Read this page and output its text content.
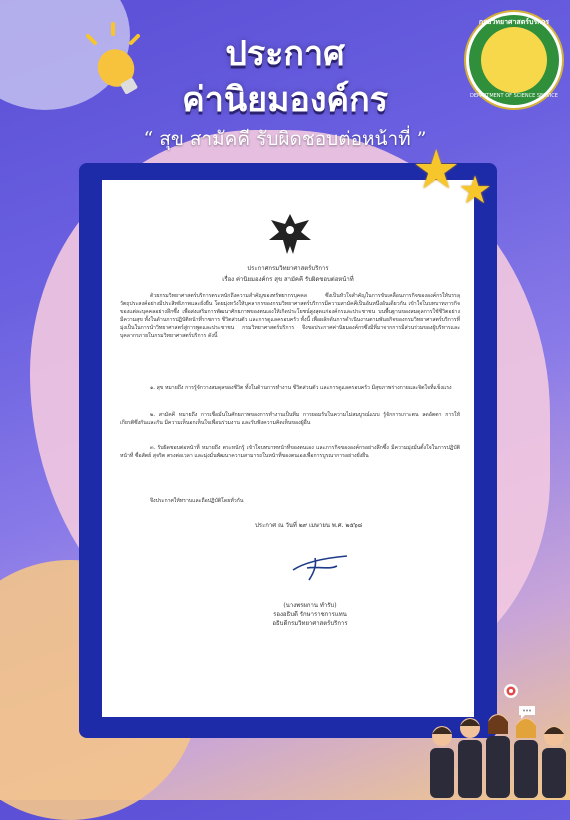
กรมวิทยาศาสตร์บริการ
DEPARTMENT OF SCIENCE SERVICE
ประกาศ
ค่านิยมองค์กร
“ สุข สามัคคี รับผิดชอบต่อหน้าที่ ”
★
★
ประกาศกรมวิทยาศาสตร์บริการ
เรื่อง ค่านิยมองค์กร สุข สามัคคี รับผิดชอบต่อหน้าที่
ด้วยกรมวิทยาศาสตร์บริการตระหนักถึงความสำคัญของทรัพยากรบุคคล ซึ่งเป็นหัวใจสำคัญในการขับเคลื่อนภารกิจขององค์กรให้บรรลุวัตถุประสงค์อย่างมีประสิทธิภาพและยั่งยืน โดยมุ่งหวังให้บุคลากรของกรมวิทยาศาสตร์บริการมีความสามัคคีเป็นอันหนึ่งอันเดียวกัน เข้าใจในบทบาทภารกิจของแต่ละบุคคลอย่างลึกซึ้ง เพื่อส่งเสริมการพัฒนาศักยภาพของตนเองให้เกิดประโยชน์สูงสุดแก่องค์กรและประชาชน บนพื้นฐานของสมดุลการใช้ชีวิตอย่างมีความสุข ทั้งในด้านการปฏิบัติหน้าที่ราชการ ชีวิตส่วนตัว และการดูแลครอบครัว ทั้งนี้ เพื่อผลักดันการดำเนินงานตามพันธกิจของกรมวิทยาศาสตร์บริการที่มุ่งเป็นในการนำวิทยาศาสตร์สู่การพูดและประชาชน กรมวิทยาศาสตร์บริการ จึงขอประกาศค่านิยมองค์กรซึ่งมีที่มาจากการมีส่วนร่วมของผู้บริหารและบุคลากรภายในกรมวิทยาศาสตร์บริการ ดังนี้
๑. สุข หมายถึง การรู้จักวางสมดุลของชีวิต ทั้งในด้านการทำงาน ชีวิตส่วนตัว และการดูแลครอบครัว มีสุขภาพร่างกายและจิตใจที่แข็งแรง
๒. สามัคคี หมายถึง การเชื่อมั่นในศักยภาพของการทำงานเป็นทีม การยอมรับในความไม่สมบูรณ์แบบ รู้จักการเกาะตน ลดอัตตา การให้เกียรติซึ่งกันและกัน มีความเห็นอกเห็นใจเพื่อนร่วมงาน และรับฟังความคิดเห็นของผู้อื่น
๓. รับผิดชอบต่อหน้าที่ หมายถึง ตระหนักรู้ เข้าใจบทบาทหน้าที่ของตนเอง และภารกิจขององค์กรอย่างลึกซึ้ง มีความมุ่งมั่นตั้งใจในการปฏิบัติหน้าที่ ซื่อสัตย์ สุจริต ตรงต่อเวลา และมุ่งมั่นพัฒนาความสามารถในหน้าที่ของตนเองเพื่อการบูรณาการอย่างยั่งยืน
จึงประกาศให้ทราบและถือปฏิบัติโดยทั่วกัน
ประกาศ ณ วันที่ ๒๙ เมษายน พ.ศ. ๒๕๖๘
(นางพรผกาน ทำรับ)
รองอธิบดี รักษาราชการแทน
อธิบดีกรมวิทยาศาสตร์บริการ
